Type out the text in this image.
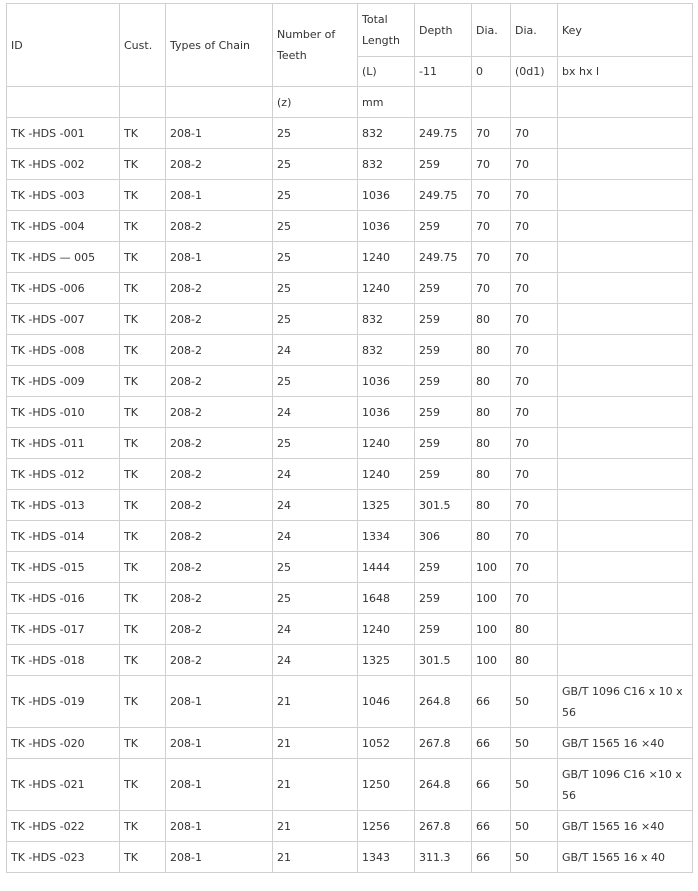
ID	Cust.	Types of Chain	Number of Teeth	Total Length	Depth	Dia.	Dia.	Key
				(L)	-11	0	(0d1)	bx hx l
			(z)	mm				
TK -HDS -001	TK	208-1	25	832	249.75	70	70	
TK -HDS -002	TK	208-2	25	832	259	70	70	
TK -HDS -003	TK	208-1	25	1036	249.75	70	70	
TK -HDS -004	TK	208-2	25	1036	259	70	70	
TK -HDS — 005	TK	208-1	25	1240	249.75	70	70	
TK -HDS -006	TK	208-2	25	1240	259	70	70	
TK -HDS -007	TK	208-2	25	832	259	80	70	
TK -HDS -008	TK	208-2	24	832	259	80	70	
TK -HDS -009	TK	208-2	25	1036	259	80	70	
TK -HDS -010	TK	208-2	24	1036	259	80	70	
TK -HDS -011	TK	208-2	25	1240	259	80	70	
TK -HDS -012	TK	208-2	24	1240	259	80	70	
TK -HDS -013	TK	208-2	24	1325	301.5	80	70	
TK -HDS -014	TK	208-2	24	1334	306	80	70	
TK -HDS -015	TK	208-2	25	1444	259	100	70	
TK -HDS -016	TK	208-2	25	1648	259	100	70	
TK -HDS -017	TK	208-2	24	1240	259	100	80	
TK -HDS -018	TK	208-2	24	1325	301.5	100	80	
TK -HDS -019	TK	208-1	21	1046	264.8	66	50	GB/T 1096 C16 x 10 x 56
TK -HDS -020	TK	208-1	21	1052	267.8	66	50	GB/T 1565 16 ×40
TK -HDS -021	TK	208-1	21	1250	264.8	66	50	GB/T 1096 C16 ×10 x 56
TK -HDS -022	TK	208-1	21	1256	267.8	66	50	GB/T 1565 16 ×40
TK -HDS -023	TK	208-1	21	1343	311.3	66	50	GB/T 1565 16 x 40
